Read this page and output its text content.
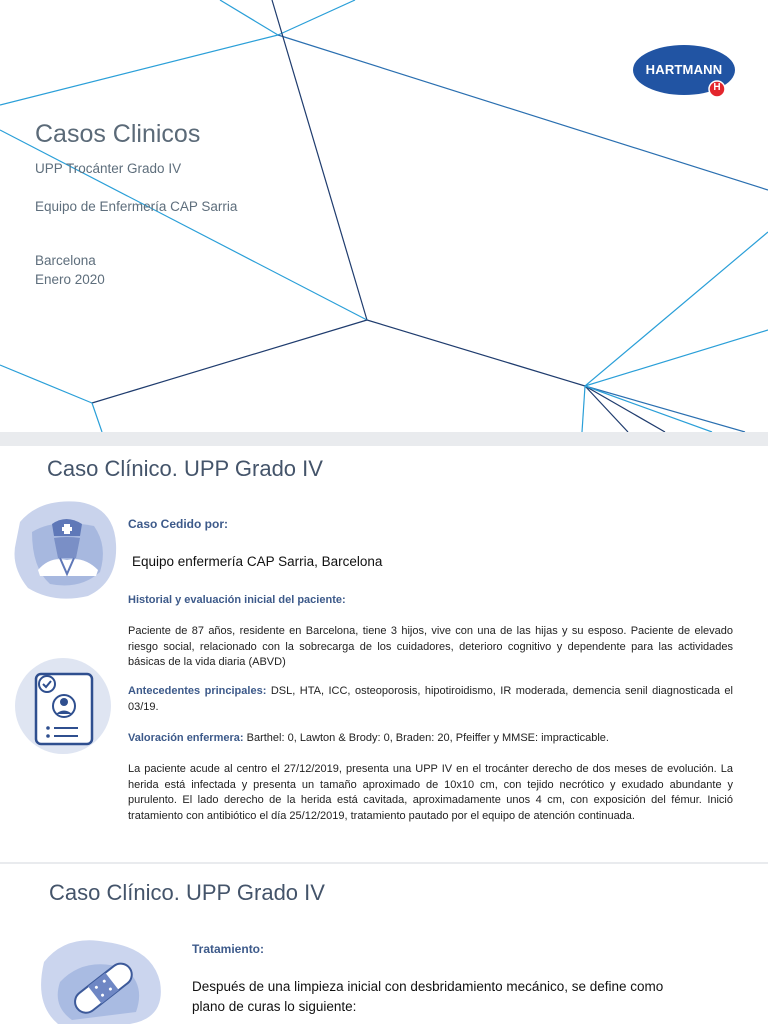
HARTMANN
H
Casos Clinicos
UPP Trocánter Grado IV
Equipo de Enfermería CAP Sarria
Barcelona
Enero 2020
Caso Clínico. UPP Grado IV
Caso Cedido por:
Equipo enfermería CAP Sarria, Barcelona
Historial y evaluación inicial del paciente:
Paciente de 87 años, residente en Barcelona, tiene 3 hijos, vive con una de las hijas y su esposo. Paciente de elevado riesgo social, relacionado con la sobrecarga de los cuidadores, deterioro cognitivo y dependente para las actividades básicas de la vida diaria (ABVD)
Antecedentes principales: DSL, HTA, ICC, osteoporosis, hipotiroidismo, IR moderada, demencia senil diagnosticada el 03/19.
Valoración enfermera: Barthel: 0, Lawton & Brody: 0, Braden: 20, Pfeiffer y MMSE: impracticable.
La paciente acude al centro el 27/12/2019, presenta una UPP IV en el trocánter derecho de dos meses de evolución. La herida está infectada y presenta un tamaño aproximado de 10x10 cm, con tejido necrótico y exudado abundante y purulento. El lado derecho de la herida está cavitada, aproximadamente unos 4 cm, con exposición del fémur. Inició tratamiento con antibiótico el día 25/12/2019, tratamiento pautado por el equipo de atención continuada.
Caso Clínico. UPP Grado IV
Tratamiento:
Después de una limpieza inicial con desbridamiento mecánico, se define como plano de curas lo siguiente:
